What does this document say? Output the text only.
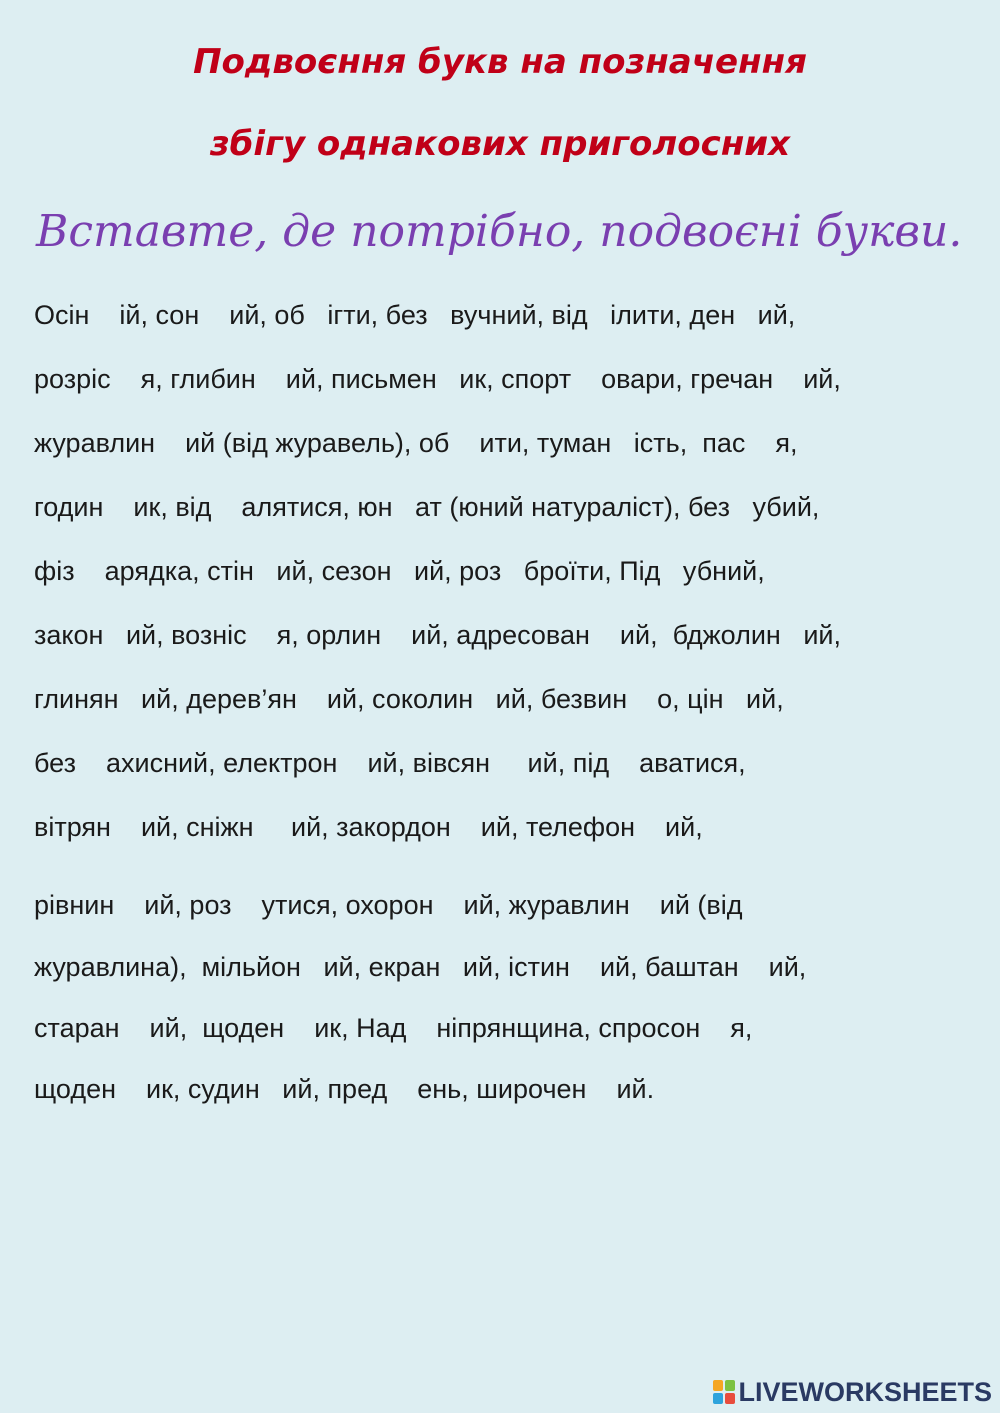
Подвоєння букв на позначення
збігу однакових приголосних

Вставте, де потрібно, подвоєні букви.

Осін    ій, сон    ий, об   ігти, без   вучний, від   ілити, ден   ий,
розріс    я, глибин    ий, письмен   ик, спорт    овари, гречан    ий,
журавлин    ий (від журавель), об    ити, туман   ість,  пас    я,
годин    ик, від    алятися, юн   ат (юний натураліст), без   убий,
фіз    арядка, стін   ий, сезон   ий, роз   броїти, Під   убний,
закон   ий, вознiс    я, орлин    ий, адресован    ий,  бджолин   ий,
глинян   ий, дерев’ян    ий, соколин   ий, безвин    о, цін   ий,
без    ахисний, електрон    ий, вівсян     ий, під    аватися,
вітрян    ий, сніжн     ий, закордон    ий, телефон    ий,
рівнин    ий, роз    утися, охорон    ий, журавлин    ий (від
журавлина),  мільйон   ий, екран   ий, істин    ий, баштан    ий,
старан    ий,  щоден    ик, Над    ніпрянщина, спросон    я,
щоден    ик, судин   ий, пред    ень, широчен    ий.
LIVEWORKSHEETS
